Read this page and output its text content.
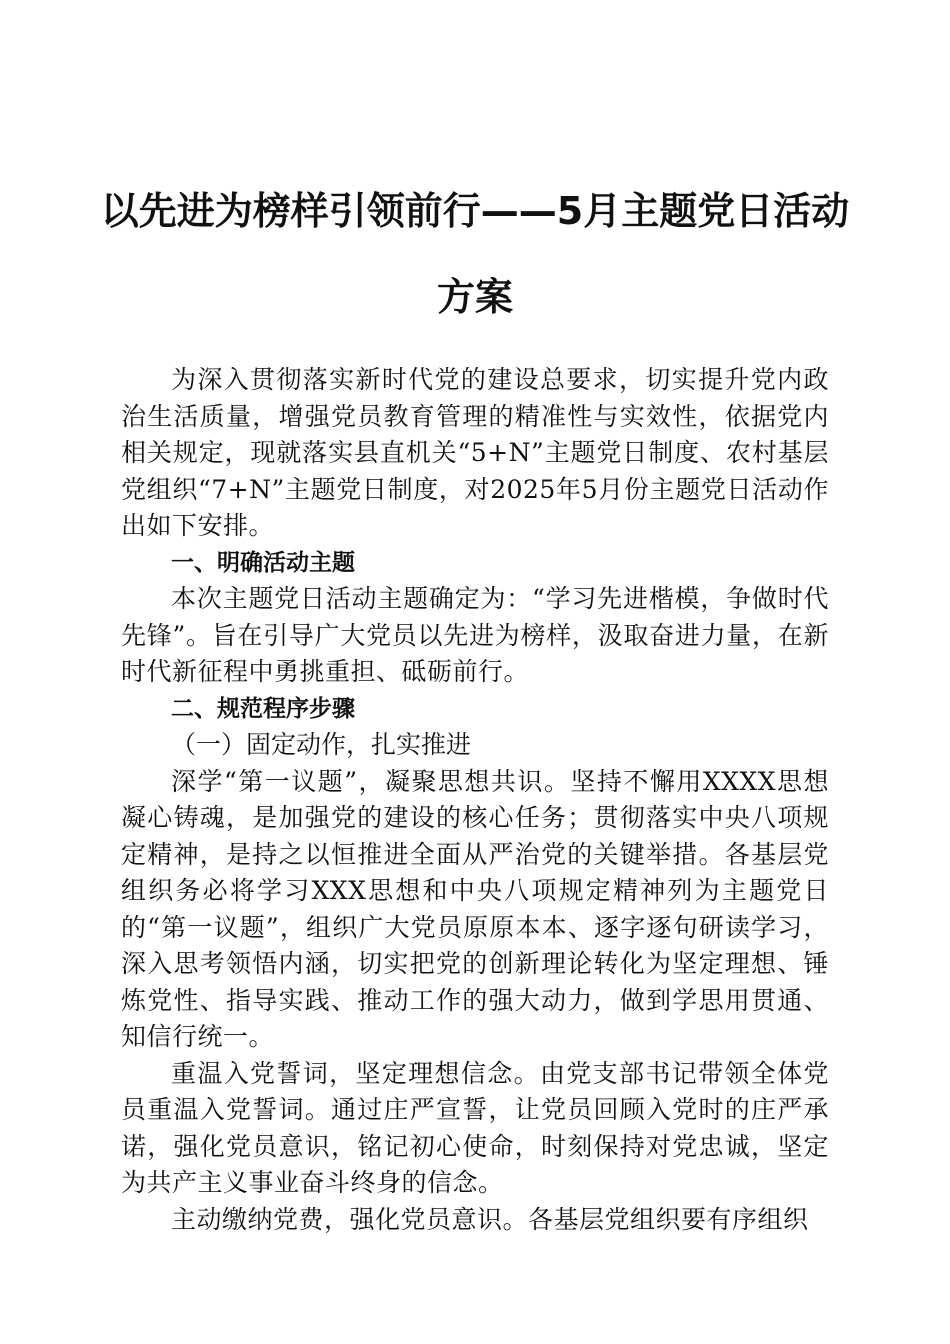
以先进为榜样引领前行——5月主题党日活动
方案

为深入贯彻落实新时代党的建设总要求，切实提升党内政治生活质量，增强党员教育管理的精准性与实效性，依据党内相关规定，现就落实县直机关“5+N”主题党日制度、农村基层党组织“7+N”主题党日制度，对2025年5月份主题党日活动作出如下安排。

一、明确活动主题

本次主题党日活动主题确定为：“学习先进楷模，争做时代先锋”。旨在引导广大党员以先进为榜样，汲取奋进力量，在新时代新征程中勇挑重担、砥砺前行。

二、规范程序步骤

（一）固定动作，扎实推进

深学“第一议题”，凝聚思想共识。坚持不懈用XXXX思想凝心铸魂，是加强党的建设的核心任务；贯彻落实中央八项规定精神，是持之以恒推进全面从严治党的关键举措。各基层党组织务必将学习XXX思想和中央八项规定精神列为主题党日的“第一议题”，组织广大党员原原本本、逐字逐句研读学习，深入思考领悟内涵，切实把党的创新理论转化为坚定理想、锤炼党性、指导实践、推动工作的强大动力，做到学思用贯通、知信行统一。

重温入党誓词，坚定理想信念。由党支部书记带领全体党员重温入党誓词。通过庄严宣誓，让党员回顾入党时的庄严承诺，强化党员意识，铭记初心使命，时刻保持对党忠诚，坚定为共产主义事业奋斗终身的信念。

主动缴纳党费，强化党员意识。各基层党组织要有序组织
